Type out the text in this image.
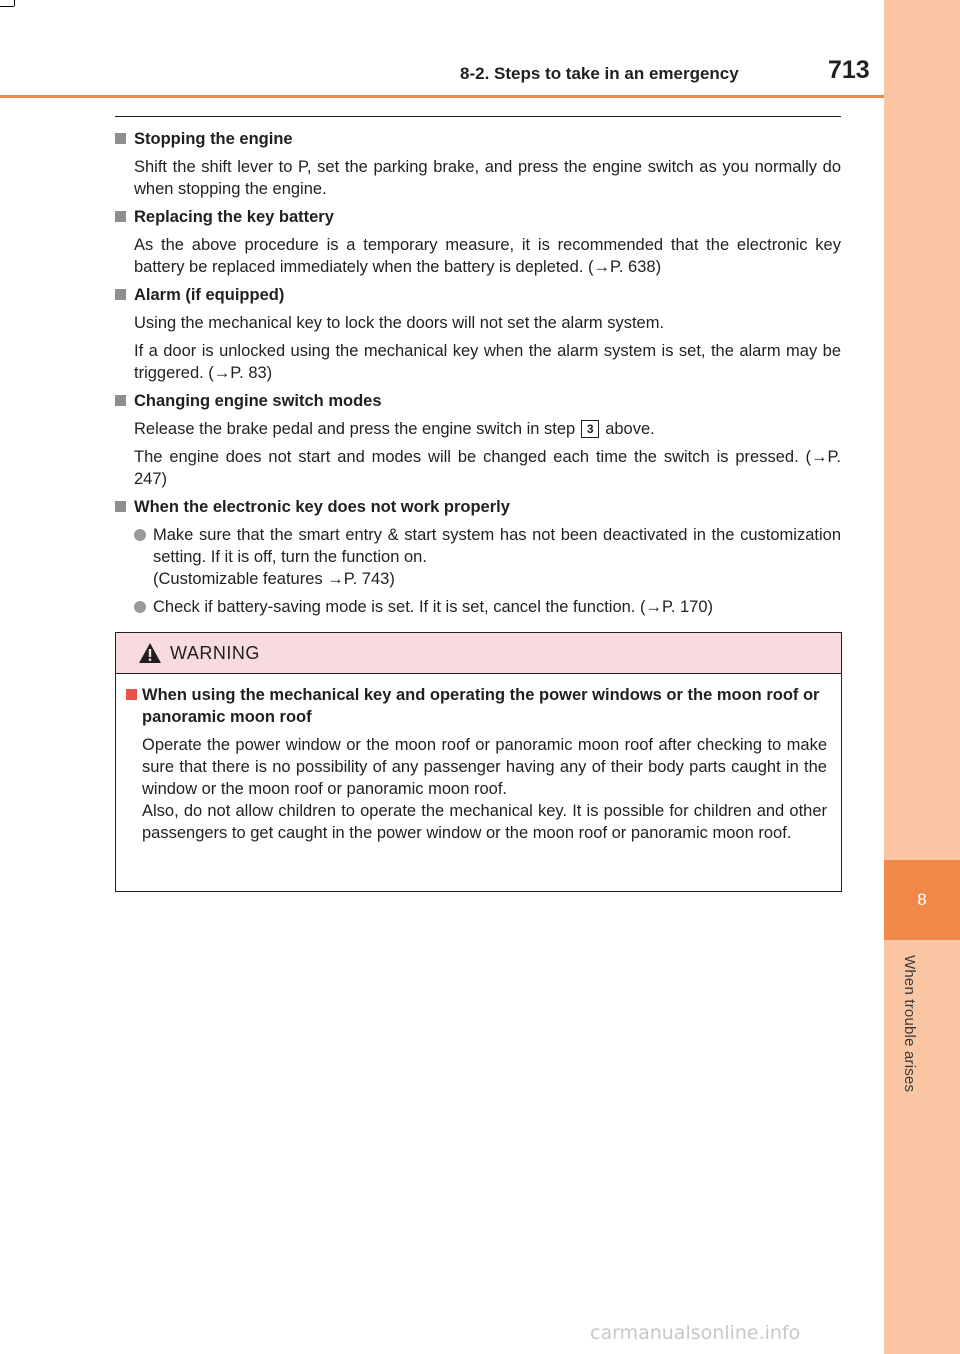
8
When trouble arises
8-2. Steps to take in an emergency	713
Stopping the engine
Shift the shift lever to P, set the parking brake, and press the engine switch as you normally do when stopping the engine.
Replacing the key battery
As the above procedure is a temporary measure, it is recommended that the electronic key battery be replaced immediately when the battery is depleted. (→P. 638)
Alarm (if equipped)
Using the mechanical key to lock the doors will not set the alarm system.
If a door is unlocked using the mechanical key when the alarm system is set, the alarm may be triggered. (→P. 83)
Changing engine switch modes
Release the brake pedal and press the engine switch in step 3 above.
The engine does not start and modes will be changed each time the switch is pressed. (→P. 247)
When the electronic key does not work properly
Make sure that the smart entry & start system has not been deactivated in the customization setting. If it is off, turn the function on.
(Customizable features →P. 743)
Check if battery-saving mode is set. If it is set, cancel the function. (→P. 170)
WARNING
When using the mechanical key and operating the power windows or the moon roof or panoramic moon roof
Operate the power window or the moon roof or panoramic moon roof after checking to make sure that there is no possibility of any passenger having any of their body parts caught in the window or the moon roof or panoramic moon roof.
Also, do not allow children to operate the mechanical key. It is possible for children and other passengers to get caught in the power window or the moon roof or panoramic moon roof.
carmanualsonline.info
